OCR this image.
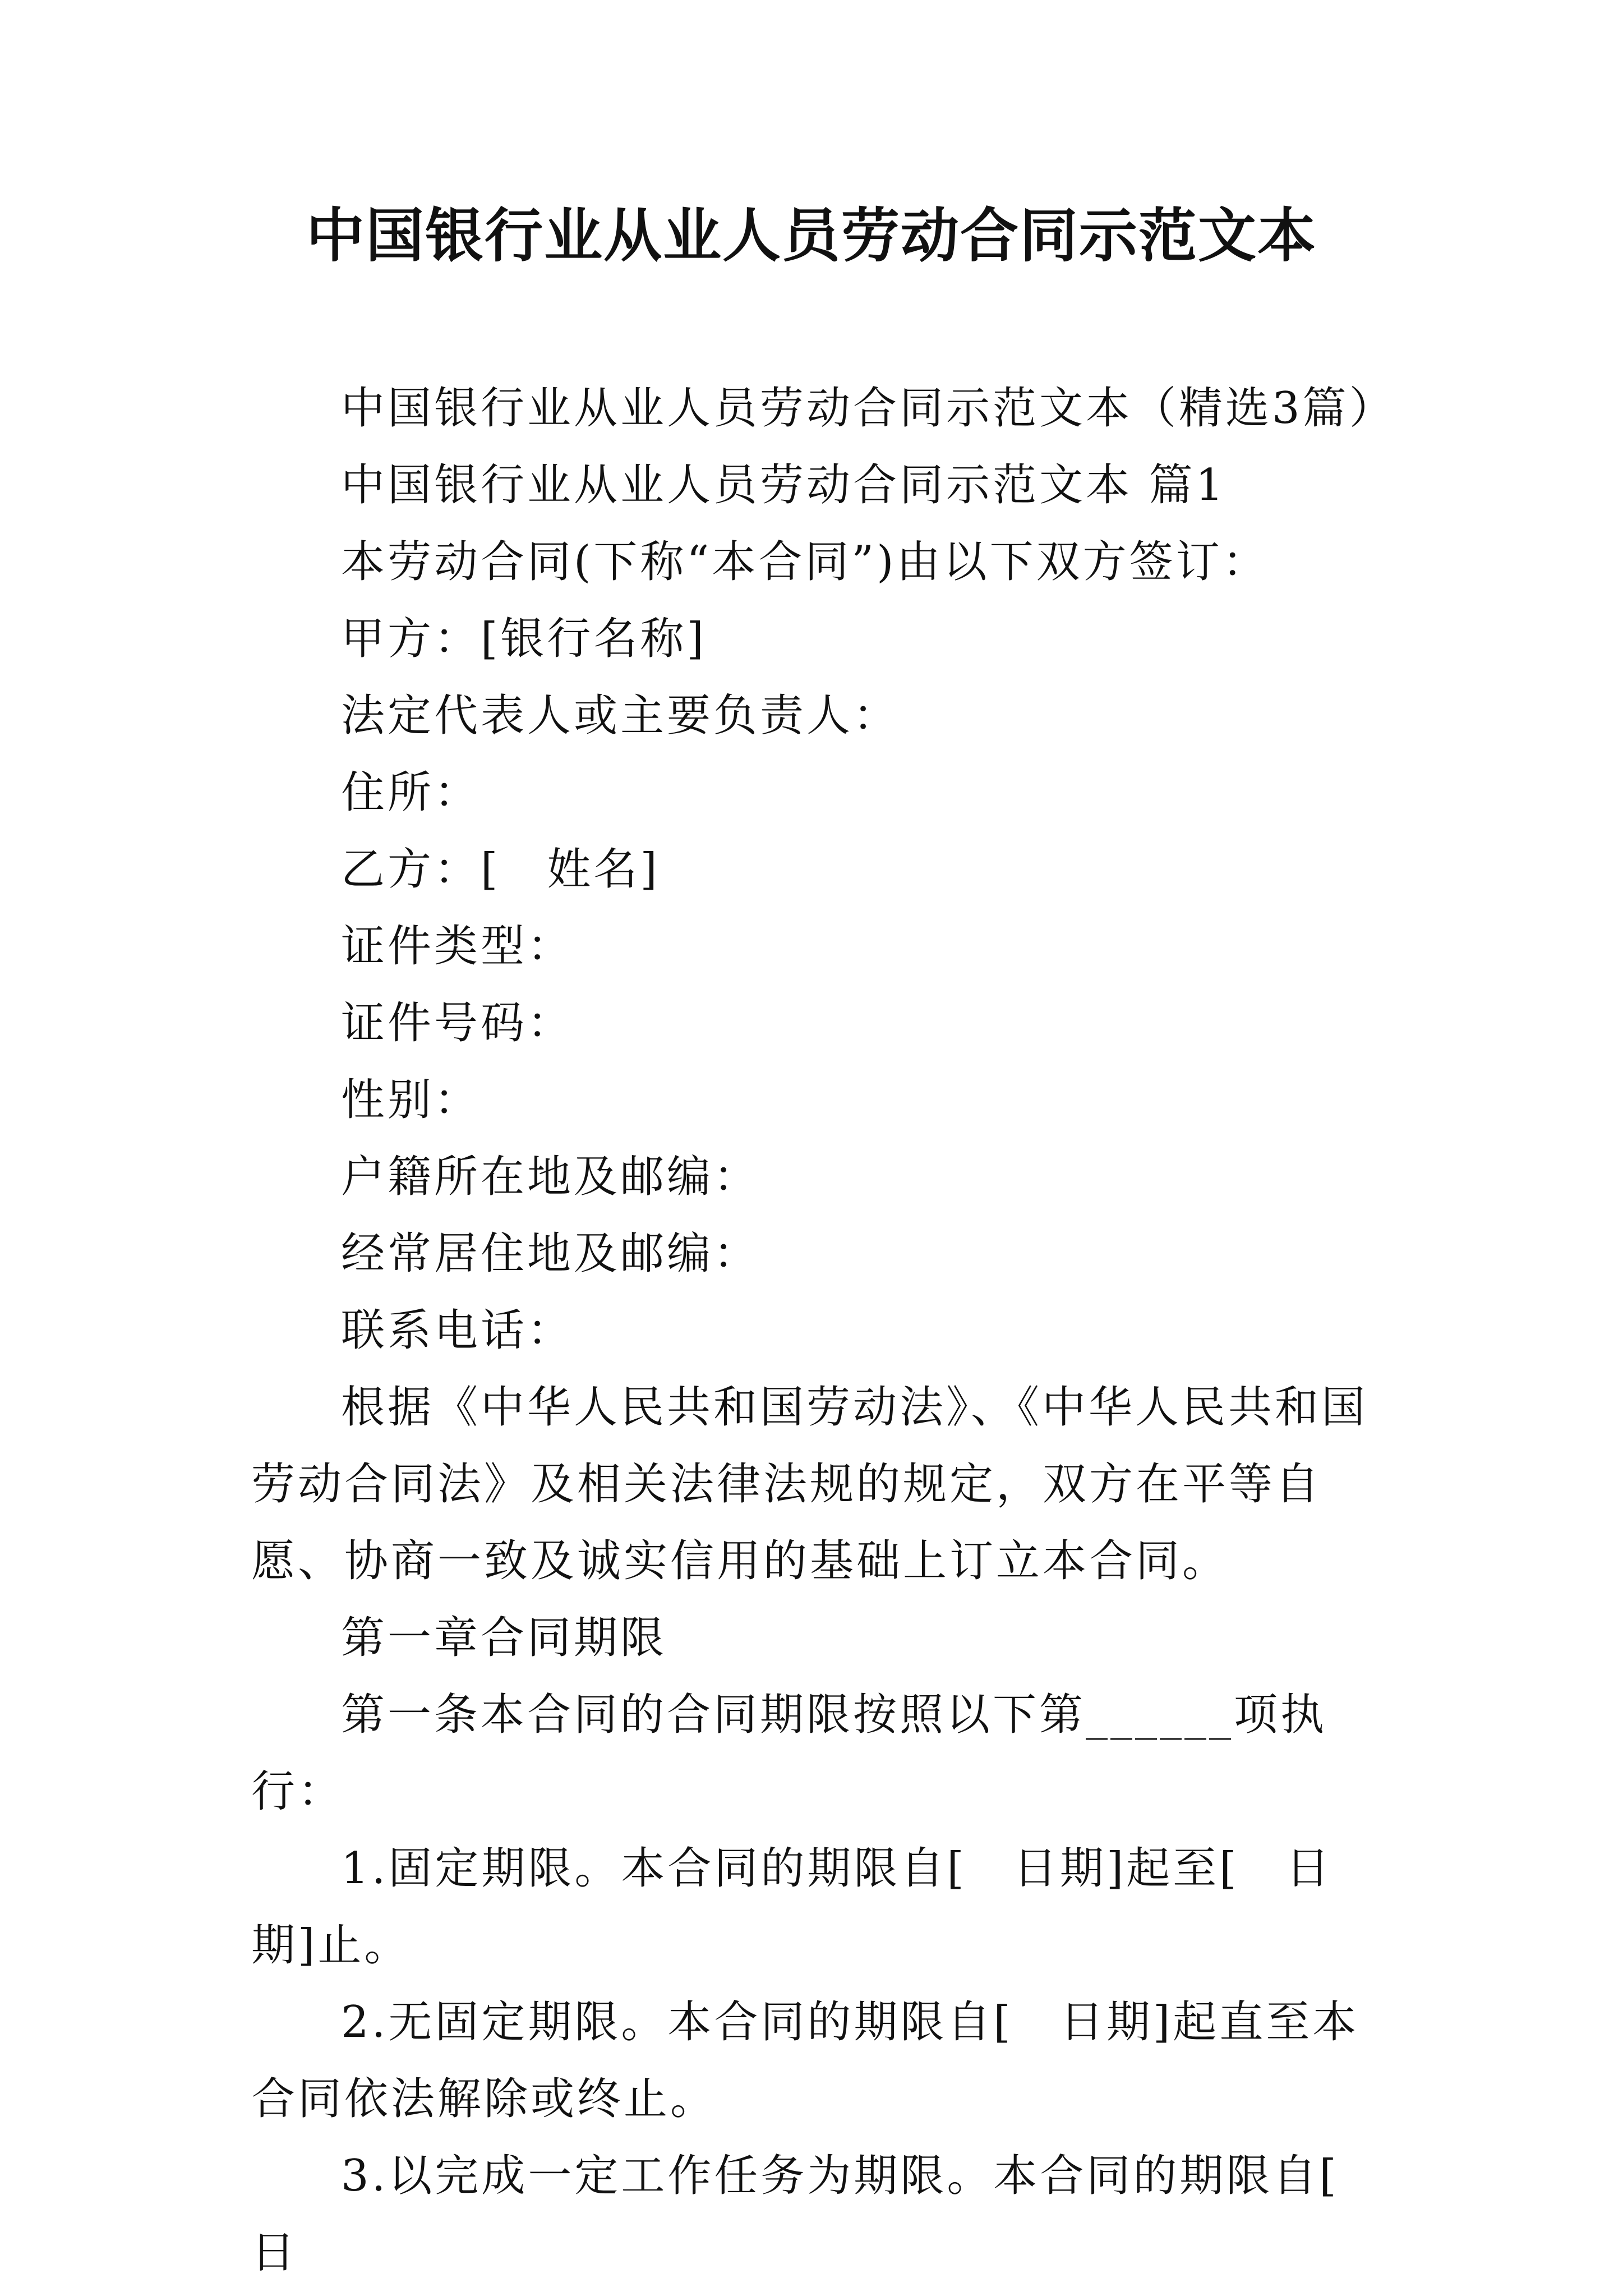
中国银行业从业人员劳动合同示范文本

中国银行业从业人员劳动合同示范文本（精选3篇）

中国银行业从业人员劳动合同示范文本 篇1

本劳动合同(下称“本合同”)由以下双方签订：

甲方：[银行名称]

法定代表人或主要负责人：

住所：

乙方：[　姓名]

证件类型：

证件号码：

性别：

户籍所在地及邮编：

经常居住地及邮编：

联系电话：

根据《中华人民共和国劳动法》、《中华人民共和国劳动合同法》及相关法律法规的规定，双方在平等自愿、协商一致及诚实信用的基础上订立本合同。

第一章合同期限

第一条本合同的合同期限按照以下第______项执行：

1.固定期限。本合同的期限自[　日期]起至[　日期]止。

2.无固定期限。本合同的期限自[　日期]起直至本合同依法解除或终止。

3.以完成一定工作任务为期限。本合同的期限自[　日
